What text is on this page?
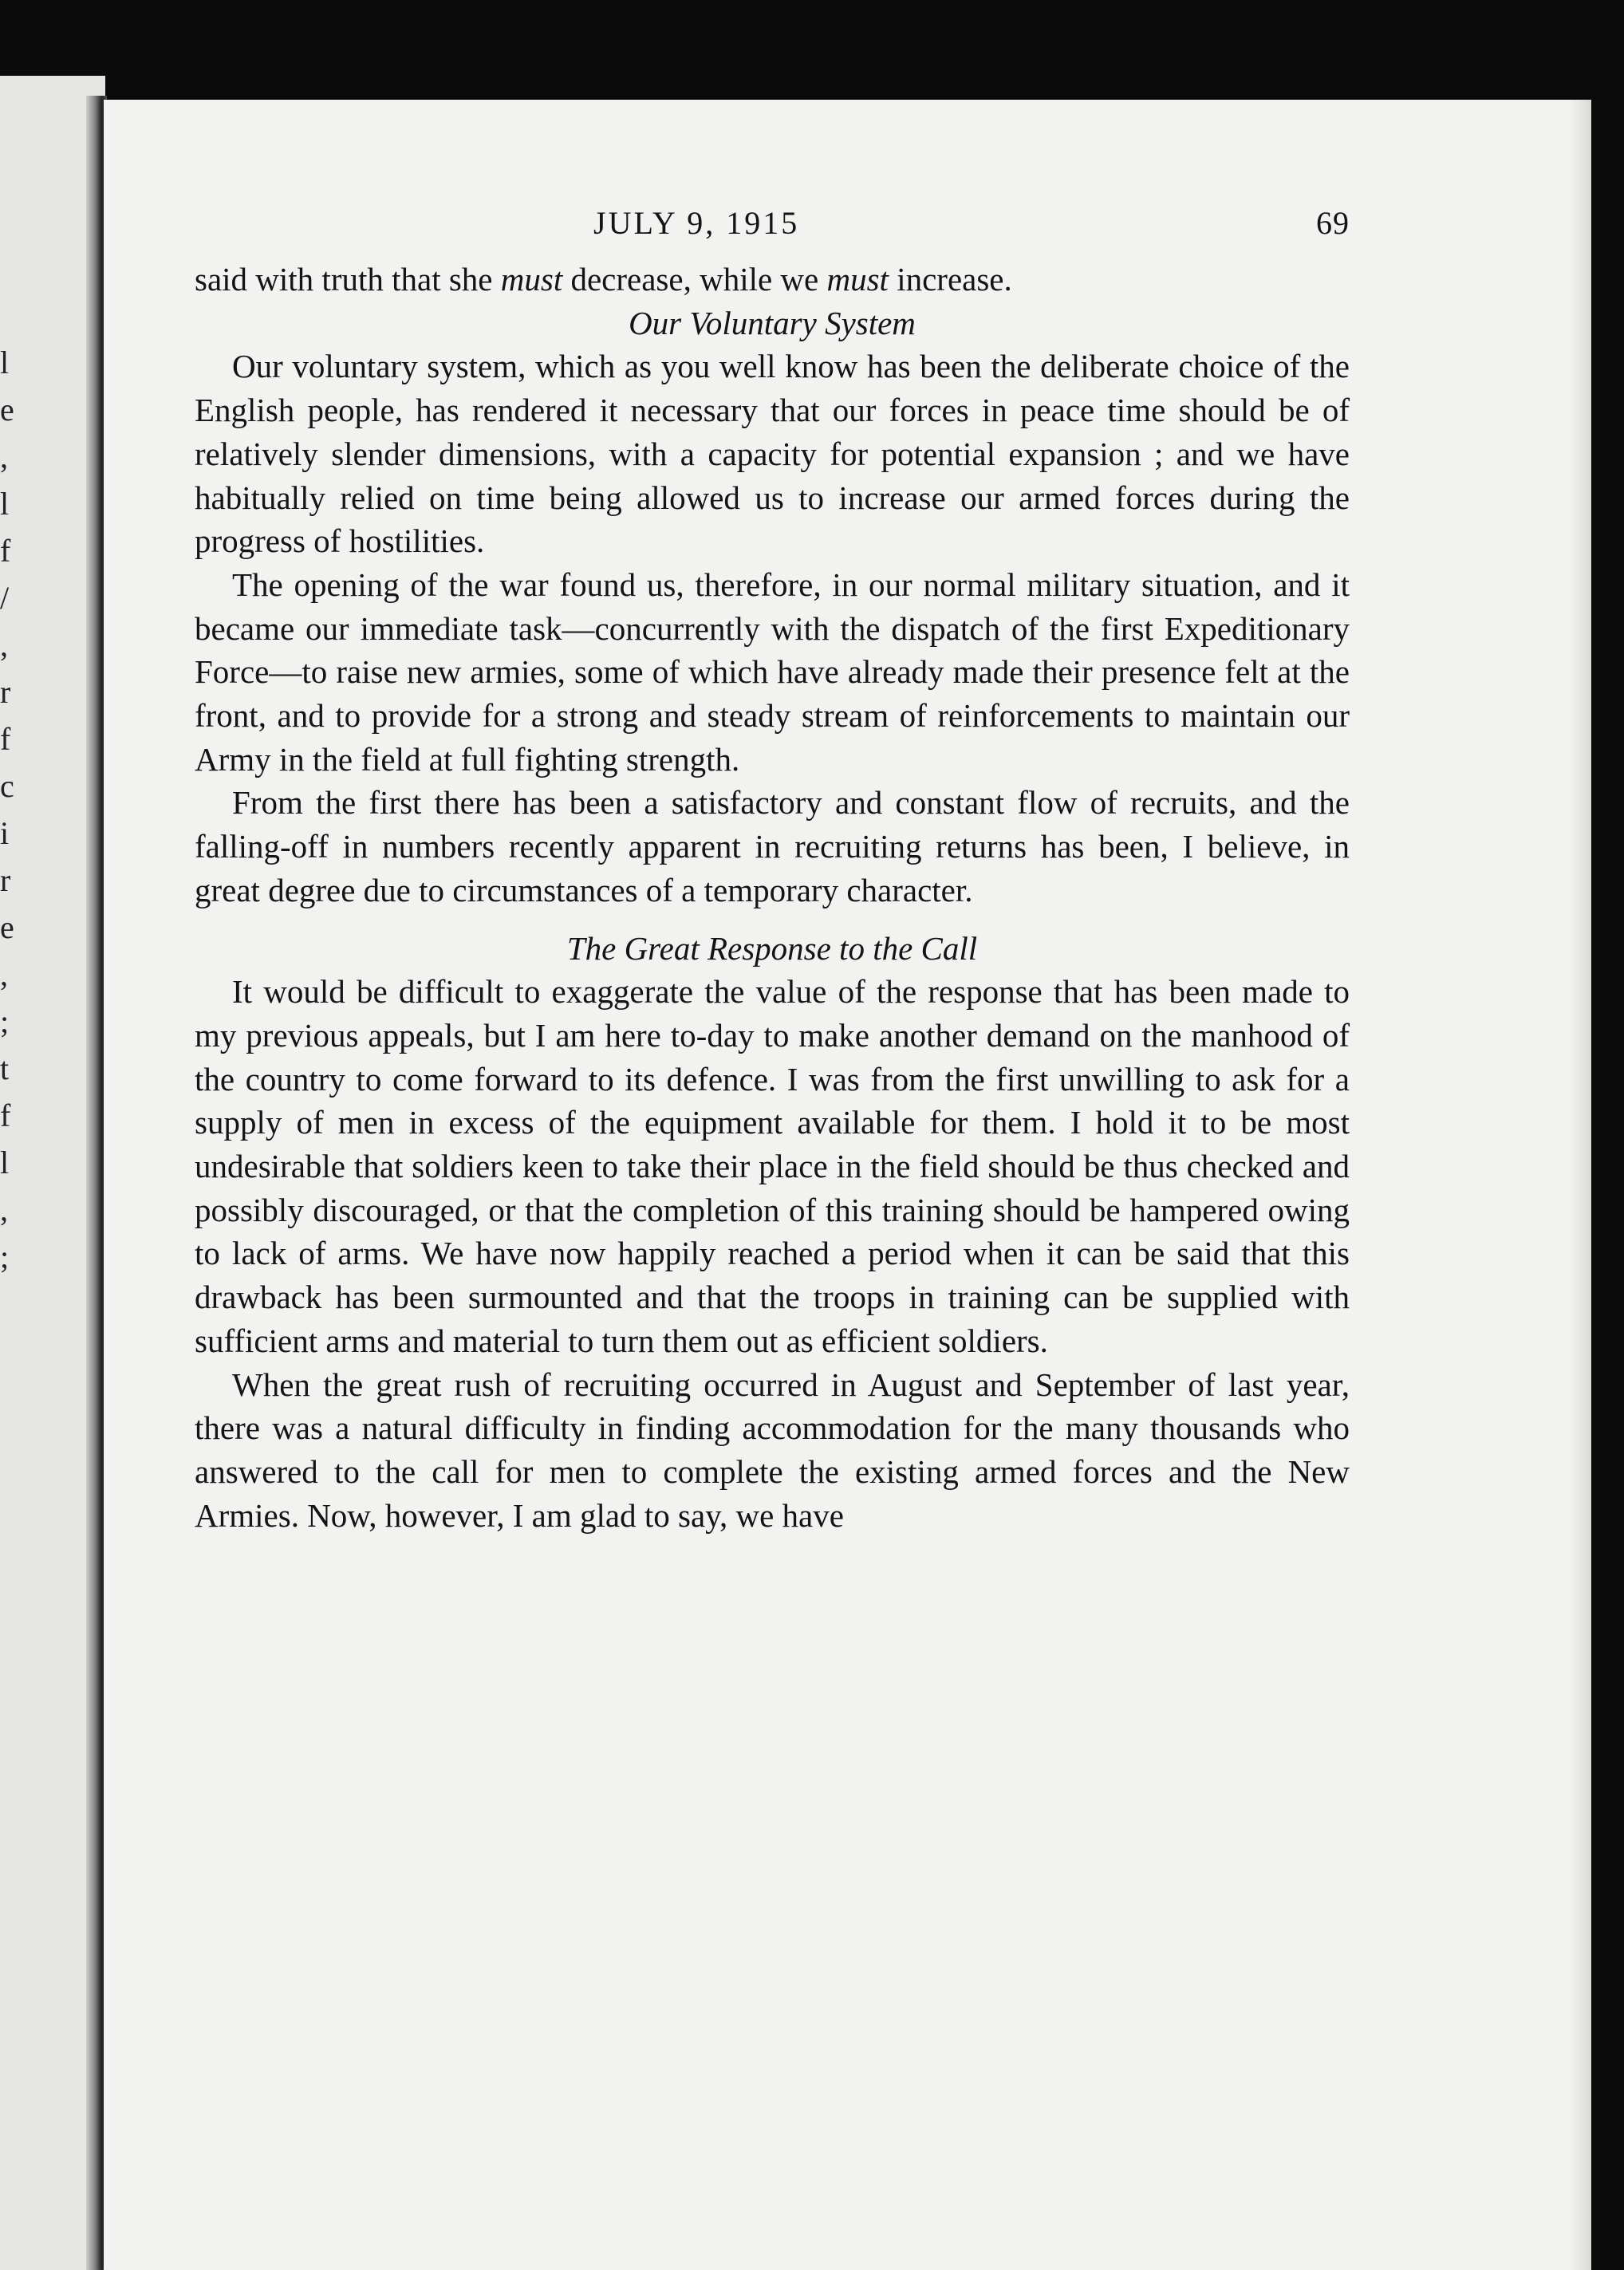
l
e
,
l
f
/
,
r
f
c
i
r
e
,
;
t
f
l
,
;
JULY 9, 1915	69

said with truth that she must decrease, while we must increase.

Our Voluntary System

Our voluntary system, which as you well know has been the deliberate choice of the English people, has rendered it necessary that our forces in peace time should be of relatively slender dimensions, with a capacity for potential expansion ; and we have habitually relied on time being allowed us to increase our armed forces during the progress of hostilities.

The opening of the war found us, therefore, in our normal military situation, and it became our immediate task—concurrently with the dispatch of the first Expeditionary Force—to raise new armies, some of which have already made their presence felt at the front, and to provide for a strong and steady stream of reinforcements to maintain our Army in the field at full fighting strength.

From the first there has been a satisfactory and constant flow of recruits, and the falling-off in numbers recently apparent in recruiting returns has been, I believe, in great degree due to circumstances of a temporary character.

The Great Response to the Call

It would be difficult to exaggerate the value of the response that has been made to my previous appeals, but I am here to-day to make another demand on the manhood of the country to come forward to its defence. I was from the first unwilling to ask for a supply of men in excess of the equipment available for them. I hold it to be most undesirable that soldiers keen to take their place in the field should be thus checked and possibly discouraged, or that the completion of this training should be hampered owing to lack of arms. We have now happily reached a period when it can be said that this drawback has been surmounted and that the troops in training can be supplied with sufficient arms and material to turn them out as efficient soldiers.

When the great rush of recruiting occurred in August and September of last year, there was a natural difficulty in finding accommodation for the many thousands who answered to the call for men to complete the existing armed forces and the New Armies. Now, however, I am glad to say, we have
